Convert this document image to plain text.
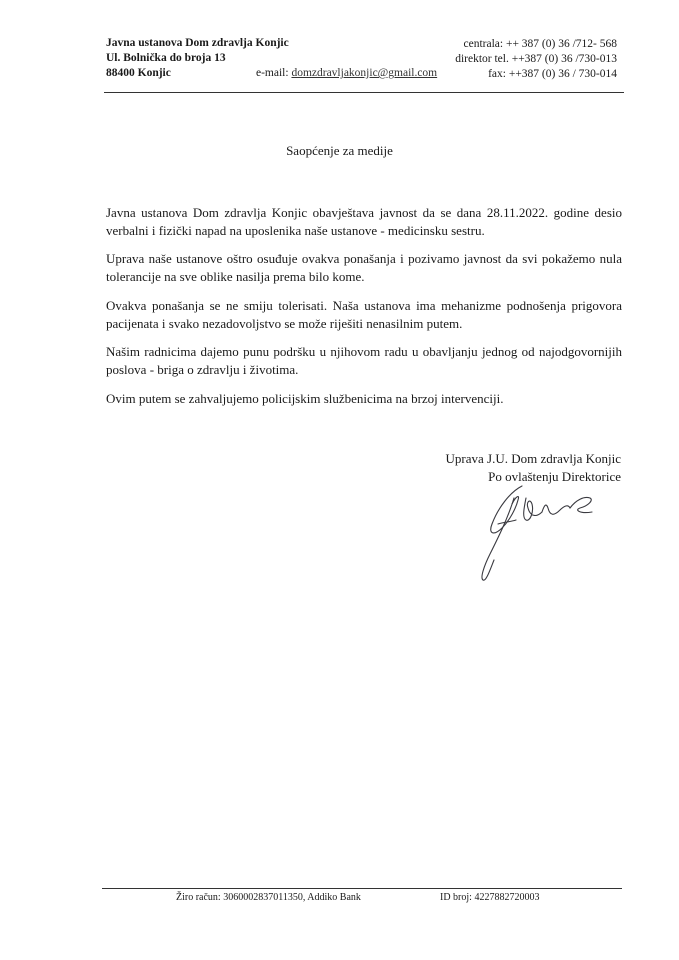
Javna ustanova Dom zdravlja Konjic
Ul. Bolnička do broja 13
88400 Konjic	e-mail: domzdravljakonjic@gmail.com
centrala: ++ 387 (0) 36 /712- 568
direktor tel. ++387 (0) 36 /730-013
fax: ++387 (0) 36 / 730-014
Saopćenje za medije
Javna ustanova Dom zdravlja Konjic obavještava javnost da se dana 28.11.2022. godine desio verbalni i fizički napad na uposlenika naše ustanove - medicinsku sestru.
Uprava naše ustanove oštro osuđuje ovakva ponašanja i pozivamo javnost da svi pokažemo nula tolerancije na sve oblike nasilja prema bilo kome.
Ovakva ponašanja se ne smiju tolerisati. Naša ustanova ima mehanizme podnošenja prigovora pacijenata i svako nezadovoljstvo se može riješiti nenasilnim putem.
Našim radnicima dajemo punu podršku u njihovom radu u obavljanju jednog od najodgovornijih poslova - briga o zdravlju i životima.
Ovim putem se zahvaljujemo policijskim službenicima na brzoj intervenciji.
Uprava J.U. Dom zdravlja Konjic
Po ovlaštenju Direktorice
Žiro račun: 3060002837011350, Addiko Bank	ID broj: 4227882720003
